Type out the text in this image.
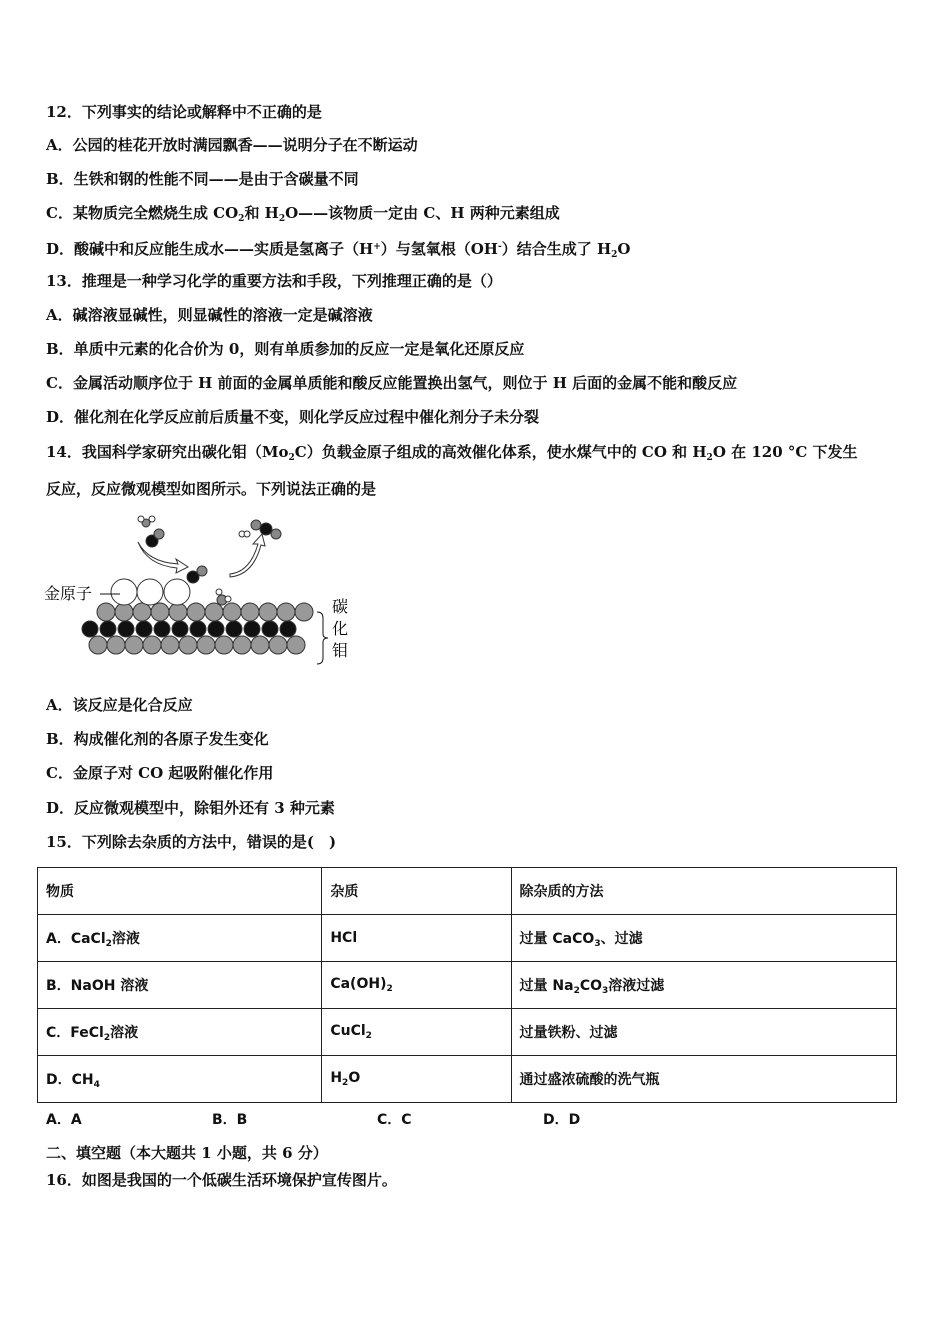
12．下列事实的结论或解释中不正确的是
A．公园的桂花开放时满园飘香——说明分子在不断运动
B．生铁和钢的性能不同——是由于含碳量不同
C．某物质完全燃烧生成 $CO_2$和 $H_2O——$该物质一定由 C、H 两种元素组成
D．酸碱中和反应能生成水——实质是氢离子（H+）与氢氧根（OH-）结合生成了 $H_2O$
13．推理是一种学习化学的重要方法和手段，下列推理正确的是（）
A．碱溶液显碱性，则显碱性的溶液一定是碱溶液
B．单质中元素的化合价为 0，则有单质参加的反应一定是氧化还原反应
C．金属活动顺序位于 H 前面的金属单质能和酸反应能置换出氢气，则位于 H 后面的金属不能和酸反应
D．催化剂在化学反应前后质量不变，则化学反应过程中催化剂分子未分裂
14．我国科学家研究出碳化钼$(Mo_2C)$负载金原子组成的高效催化体系，使水煤气中的 CO 和 $H_2O$ 在 120 °C 下发生
反应，反应微观模型如图所示。下列说法正确的是
A．该反应是化合反应
B．构成催化剂的各原子发生变化
C．金原子对 CO 起吸附催化作用
D．反应微观模型中，除钼外还有 3 种元素
15．下列除去杂质的方法中，错误的是(　)
二、填空题（本大题共 1 小题，共 6 分）
16．如图是我国的一个低碳生活环境保护宣传图片。
金原子
碳
化
钼
物质	杂质	除杂质的方法
A．CaCl$_2$溶液	HCl	过量 CaCO$_3$、过滤
B．NaOH 溶液	$Ca(OH)_2$	过量 $Na_2CO_3$溶液过滤
C．FeCl$_2$溶液	CuCl$_2$	过量铁粉、过滤
D．$CH_4$	$H_2O$	通过盛浓硫酸的洗气瓶
A．A	B．B	C．C	D．D
